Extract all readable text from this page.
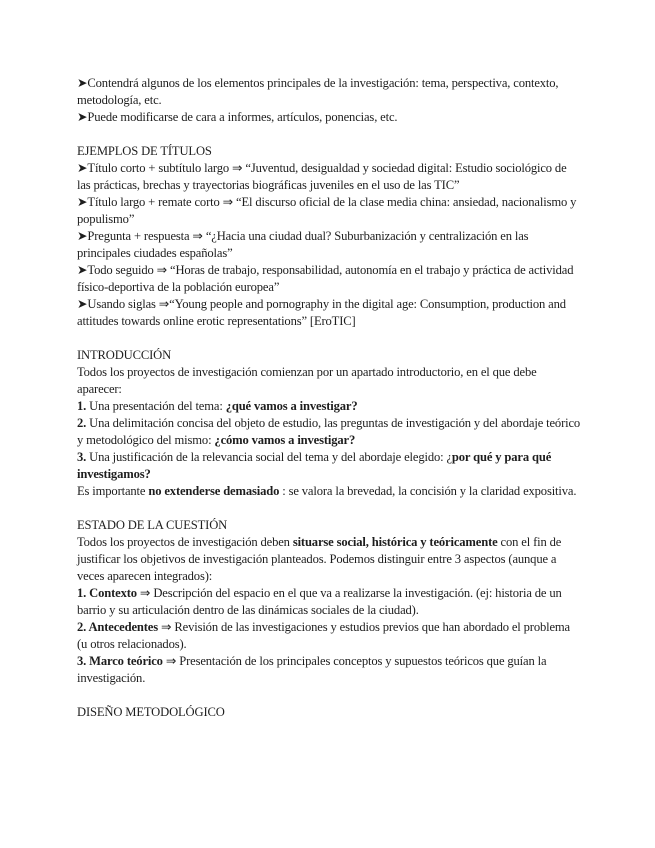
➤Contendrá algunos de los elementos principales de la investigación: tema, perspectiva, contexto, metodología, etc.

➤Puede modificarse de cara a informes, artículos, ponencias, etc.

EJEMPLOS DE TÍTULOS

➤Título corto + subtítulo largo ⇒ “Juventud, desigualdad y sociedad digital: Estudio sociológico de las prácticas, brechas y trayectorias biográficas juveniles en el uso de las TIC”

➤Título largo + remate corto ⇒ “El discurso oficial de la clase media china: ansiedad, nacionalismo y populismo”

➤Pregunta + respuesta ⇒ “¿Hacia una ciudad dual? Suburbanización y centralización en las principales ciudades españolas”

➤Todo seguido ⇒ “Horas de trabajo, responsabilidad, autonomía en el trabajo y práctica de actividad físico-deportiva de la población europea”

➤Usando siglas ⇒“Young people and pornography in the digital age: Consumption, production and attitudes towards online erotic representations” [EroTIC]

INTRODUCCIÓN

Todos los proyectos de investigación comienzan por un apartado introductorio, en el que debe aparecer:

1. Una presentación del tema: ¿qué vamos a investigar?

2. Una delimitación concisa del objeto de estudio, las preguntas de investigación y del abordaje teórico y metodológico del mismo: ¿cómo vamos a investigar?

3. Una justificación de la relevancia social del tema y del abordaje elegido: ¿por qué y para qué investigamos?

Es importante no extenderse demasiado : se valora la brevedad, la concisión y la claridad expositiva.

ESTADO DE LA CUESTIÓN

Todos los proyectos de investigación deben situarse social, histórica y teóricamente con el fin de justificar los objetivos de investigación planteados. Podemos distinguir entre 3 aspectos (aunque a veces aparecen integrados):

1. Contexto ⇒ Descripción del espacio en el que va a realizarse la investigación. (ej: historia de un barrio y su articulación dentro de las dinámicas sociales de la ciudad).

2. Antecedentes ⇒ Revisión de las investigaciones y estudios previos que han abordado el problema (u otros relacionados).

3. Marco teórico ⇒ Presentación de los principales conceptos y supuestos teóricos que guían la investigación.

DISEÑO METODOLÓGICO
